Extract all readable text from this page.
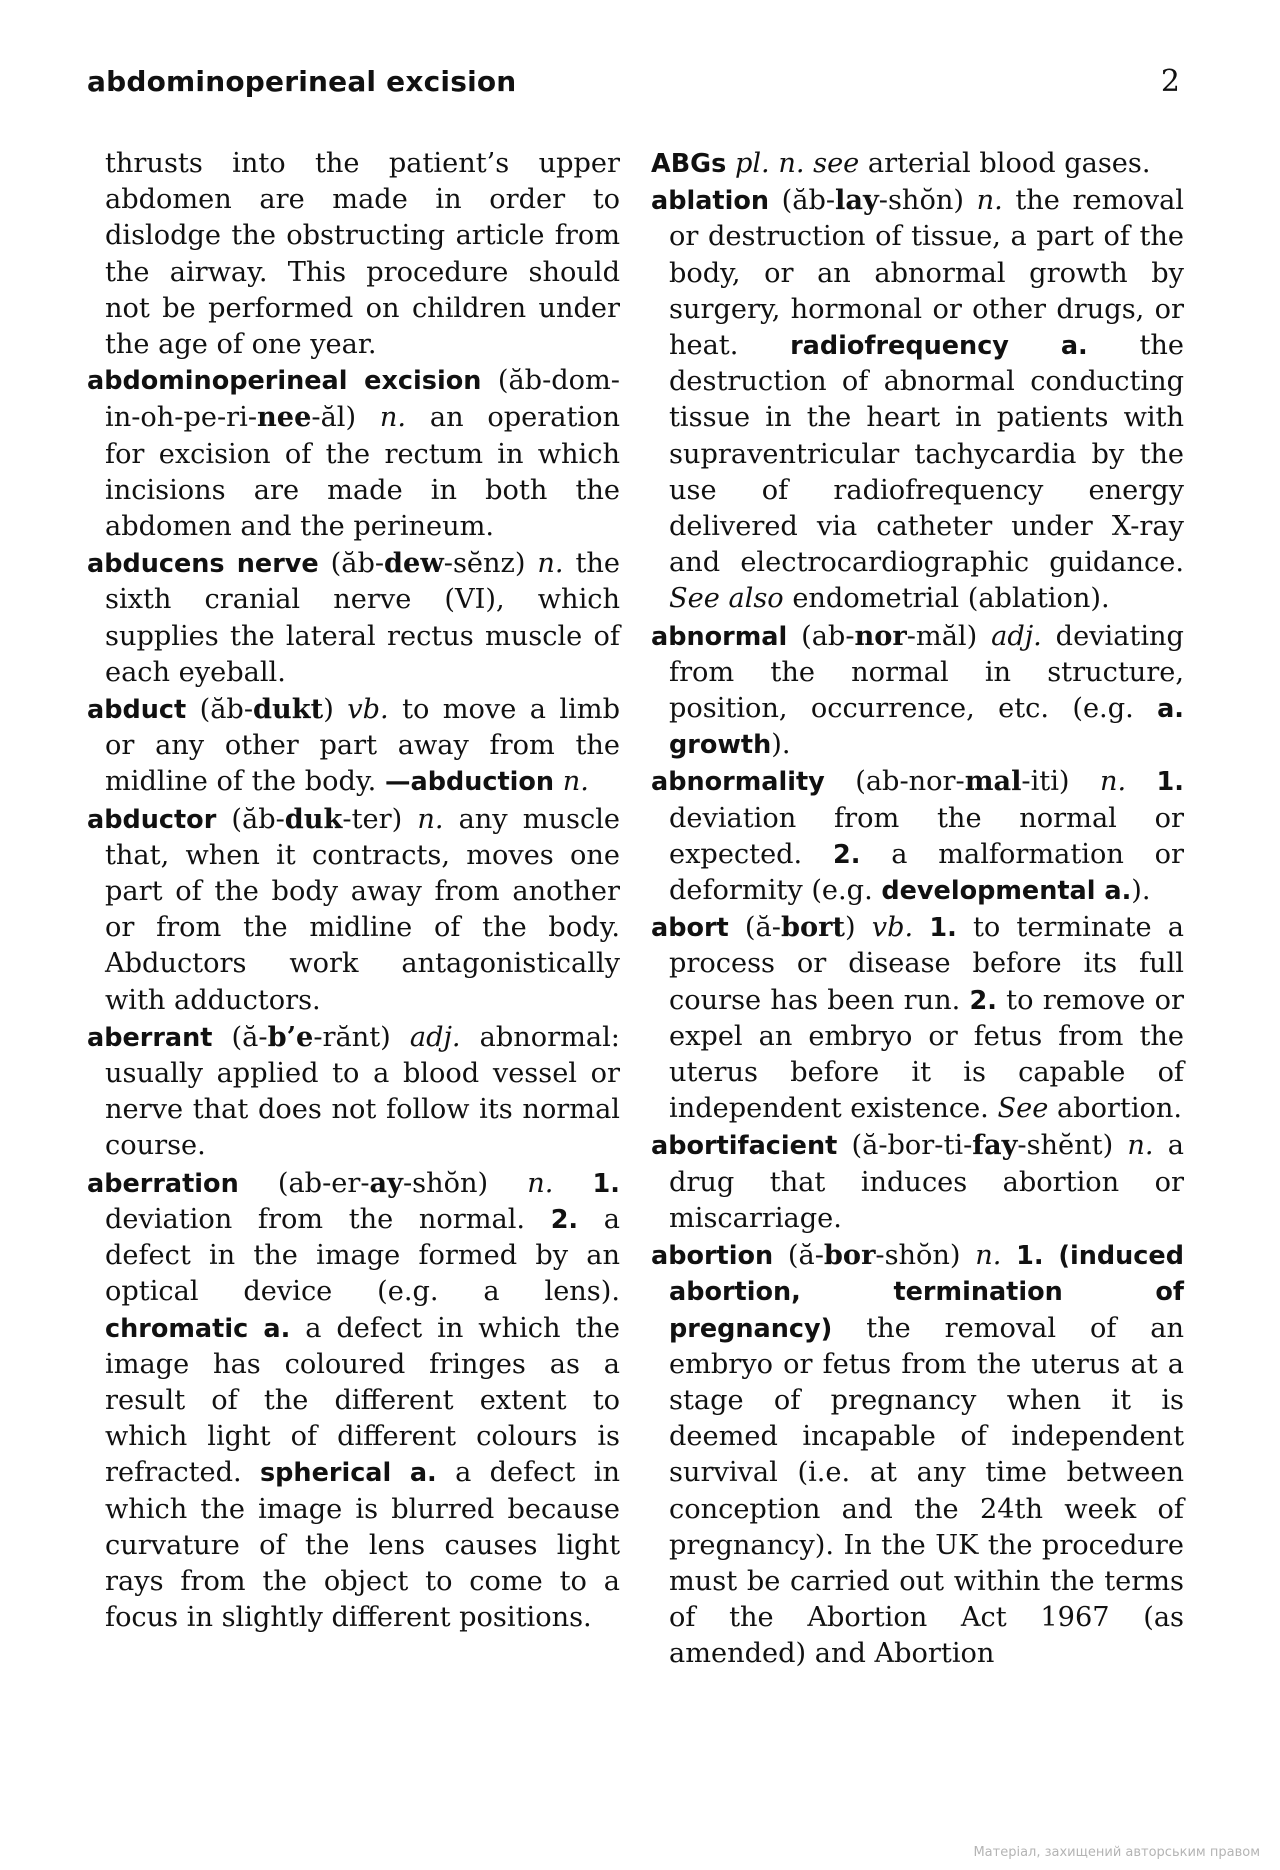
abdominoperineal excision	2
thrusts into the patient’s upper abdomen are made in order to dislodge the obstructing article from the airway. This procedure should not be performed on children under the age of one year.
abdominoperineal excision (ăb-dom-in-oh-pe-ri-nee-ăl) n. an operation for excision of the rectum in which incisions are made in both the abdomen and the perineum.
abducens nerve (ăb-dew-sĕnz) n. the sixth cranial nerve (VI), which supplies the lateral rectus muscle of each eyeball.
abduct (ăb-dukt) vb. to move a limb or any other part away from the midline of the body. —abduction n.
abductor (ăb-duk-ter) n. any muscle that, when it contracts, moves one part of the body away from another or from the midline of the body. Abductors work antagonistically with adductors.
aberrant (ă-b’e-rănt) adj. abnormal: usually applied to a blood vessel or nerve that does not follow its normal course.
aberration (ab-er-ay-shŏn) n. 1. deviation from the normal. 2. a defect in the image formed by an optical device (e.g. a lens). chromatic a. a defect in which the image has coloured fringes as a result of the different extent to which light of different colours is refracted. spherical a. a defect in which the image is blurred because curvature of the lens causes light rays from the object to come to a focus in slightly different positions.
ABGs pl. n. see arterial blood gases.
ablation (ăb-lay-shŏn) n. the removal or destruction of tissue, a part of the body, or an abnormal growth by surgery, hormonal or other drugs, or heat. radiofrequency a. the destruction of abnormal conducting tissue in the heart in patients with supraventricular tachycardia by the use of radiofrequency energy delivered via catheter under X-ray and electrocardiographic guidance. See also endometrial (ablation).
abnormal (ab-nor-măl) adj. deviating from the normal in structure, position, occurrence, etc. (e.g. a. growth).
abnormality (ab-nor-mal-iti) n. 1. deviation from the normal or expected. 2. a malformation or deformity (e.g. developmental a.).
abort (ă-bort) vb. 1. to terminate a process or disease before its full course has been run. 2. to remove or expel an embryo or fetus from the uterus before it is capable of independent existence. See abortion.
abortifacient (ă-bor-ti-fay-shĕnt) n. a drug that induces abortion or miscarriage.
abortion (ă-bor-shŏn) n. 1. (induced abortion, termination of pregnancy) the removal of an embryo or fetus from the uterus at a stage of pregnancy when it is deemed incapable of independent survival (i.e. at any time between conception and the 24th week of pregnancy). In the UK the procedure must be carried out within the terms of the Abortion Act 1967 (as amended) and Abortion
Матеріал, захищений авторським правом
